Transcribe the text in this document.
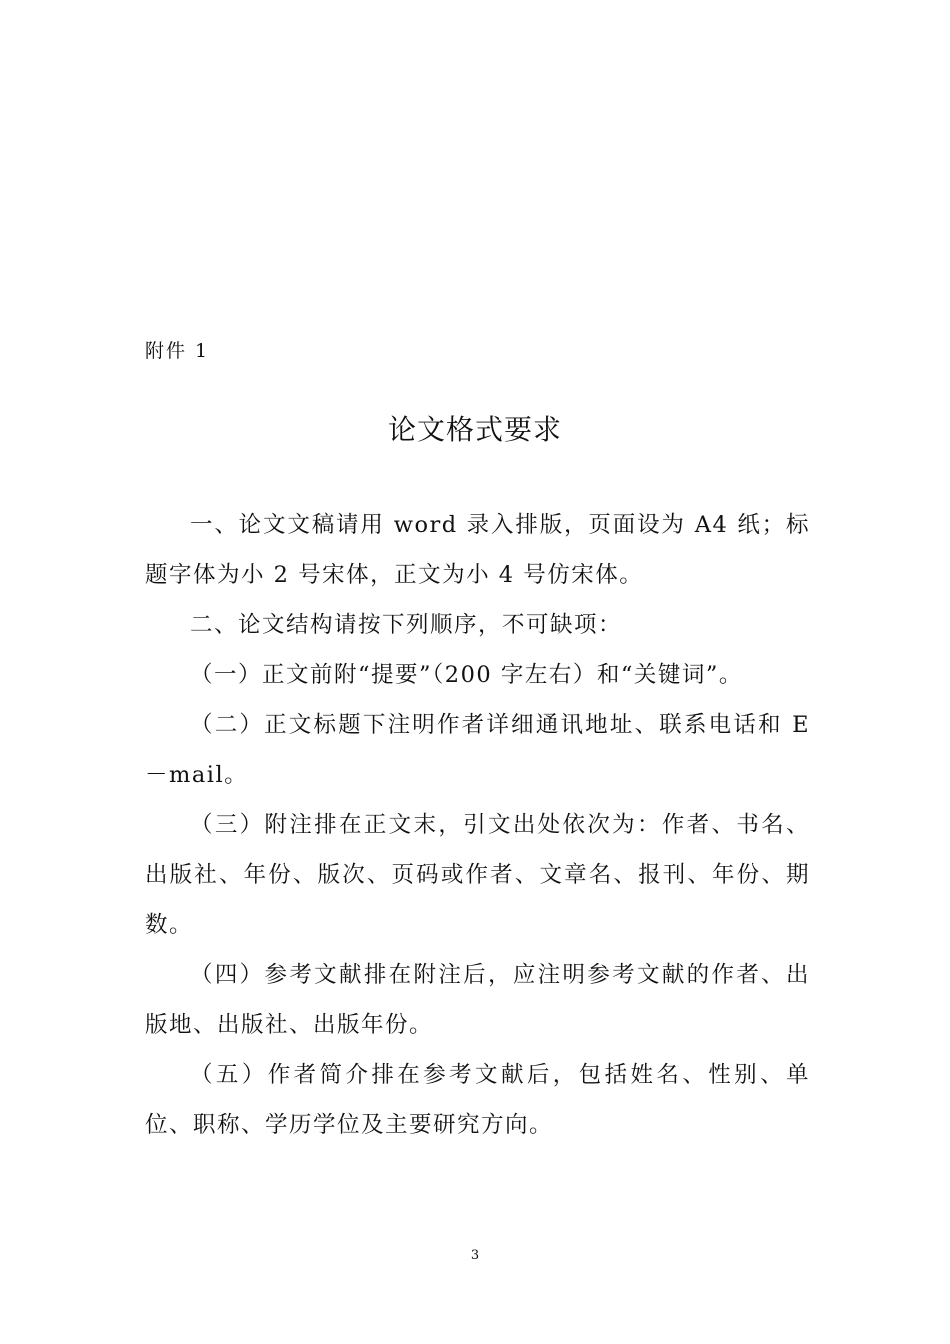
附件 1
论文格式要求

一、论文文稿请用 word 录入排版，页面设为 A4 纸；标题字体为小 2 号宋体，正文为小 4 号仿宋体。

二、论文结构请按下列顺序，不可缺项：

（一）正文前附“提要”（200 字左右）和“关键词”。

（二）正文标题下注明作者详细通讯地址、联系电话和 E－mail。

（三）附注排在正文末，引文出处依次为：作者、书名、出版社、年份、版次、页码或作者、文章名、报刊、年份、期数。

（四）参考文献排在附注后，应注明参考文献的作者、出版地、出版社、出版年份。

（五）作者简介排在参考文献后，包括姓名、性别、单位、职称、学历学位及主要研究方向。

3
